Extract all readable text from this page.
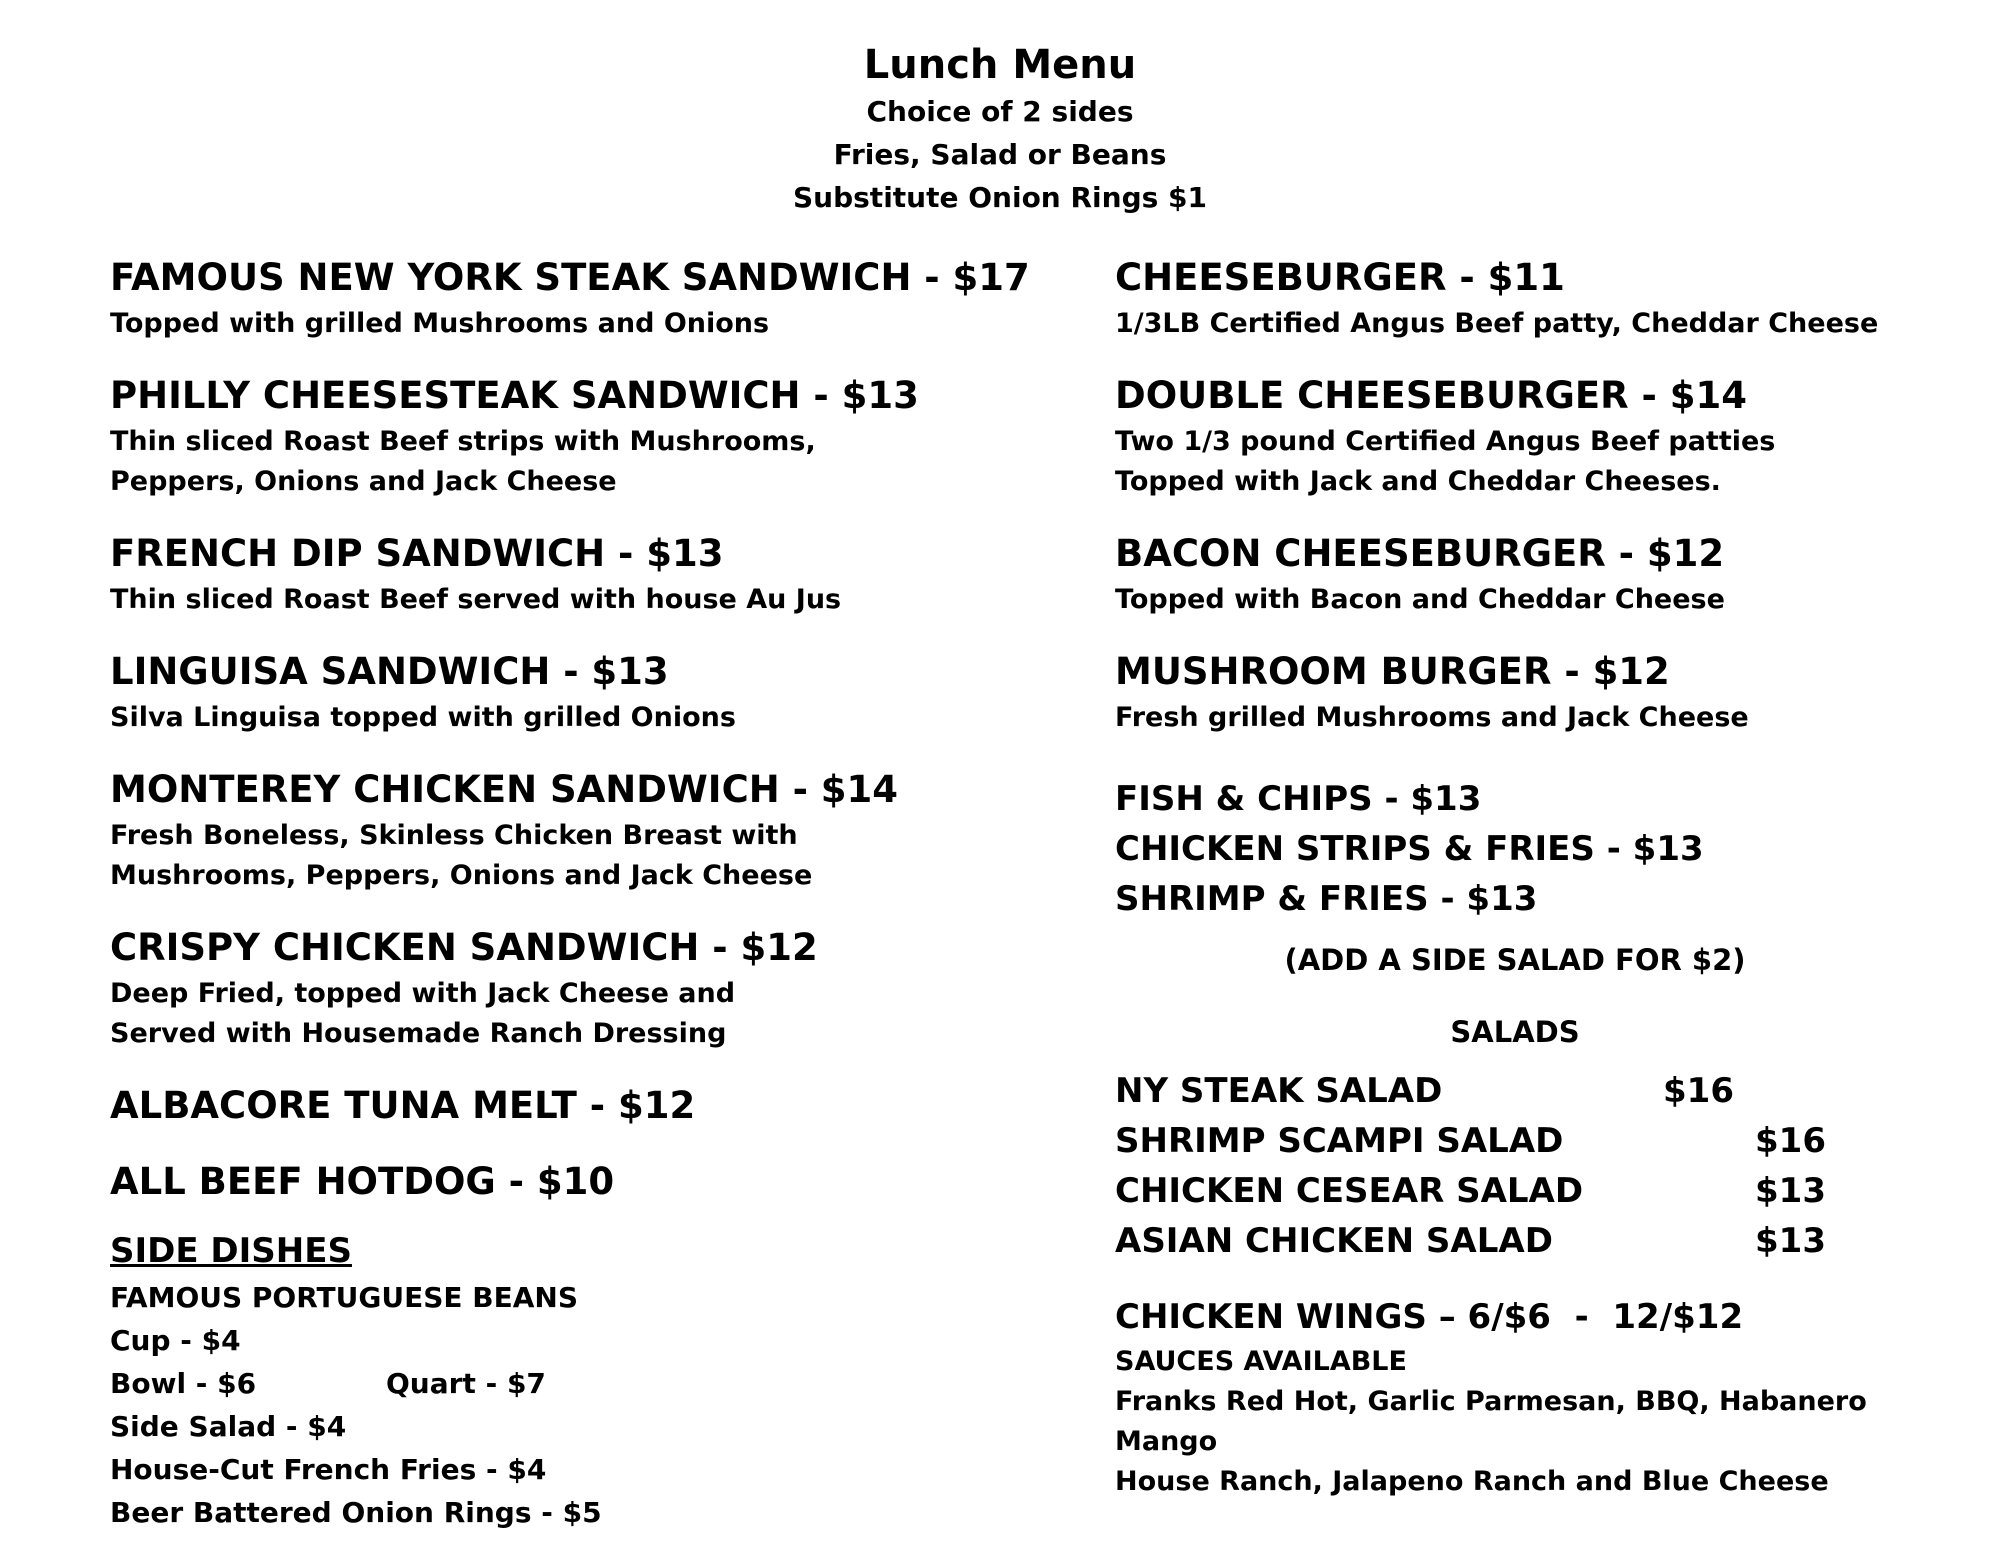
Lunch Menu
Choice of 2 sides
Fries, Salad or Beans
Substitute Onion Rings $1
FAMOUS NEW YORK STEAK SANDWICH - $17
Topped with grilled Mushrooms and Onions
PHILLY CHEESESTEAK SANDWICH - $13
Thin sliced Roast Beef strips with Mushrooms,
Peppers, Onions and Jack Cheese
FRENCH DIP SANDWICH - $13
Thin sliced Roast Beef served with house Au Jus
LINGUISA SANDWICH - $13
Silva Linguisa topped with grilled Onions
MONTEREY CHICKEN SANDWICH - $14
Fresh Boneless, Skinless Chicken Breast with
Mushrooms, Peppers, Onions and Jack Cheese
CRISPY CHICKEN SANDWICH - $12
Deep Fried, topped with Jack Cheese and
Served with Housemade Ranch Dressing
ALBACORE TUNA MELT - $12
ALL BEEF HOTDOG - $10
SIDE DISHES
FAMOUS PORTUGUESE BEANS
Cup - $4
Bowl - $6	Quart - $7
Side Salad - $4
House-Cut French Fries - $4
Beer Battered Onion Rings - $5
CHEESEBURGER - $11
1/3LB Certified Angus Beef patty, Cheddar Cheese
DOUBLE CHEESEBURGER - $14
Two 1/3 pound Certified Angus Beef patties
Topped with Jack and Cheddar Cheeses.
BACON CHEESEBURGER - $12
Topped with Bacon and Cheddar Cheese
MUSHROOM BURGER - $12
Fresh grilled Mushrooms and Jack Cheese
FISH & CHIPS - $13
CHICKEN STRIPS & FRIES - $13
SHRIMP & FRIES - $13
(ADD A SIDE SALAD FOR $2)
SALADS
NY STEAK SALAD	$16
SHRIMP SCAMPI SALAD	$16
CHICKEN CESEAR SALAD	$13
ASIAN CHICKEN SALAD	$13
CHICKEN WINGS – 6/$6  -  12/$12
SAUCES AVAILABLE
Franks Red Hot, Garlic Parmesan, BBQ, Habanero
Mango
House Ranch, Jalapeno Ranch and Blue Cheese
